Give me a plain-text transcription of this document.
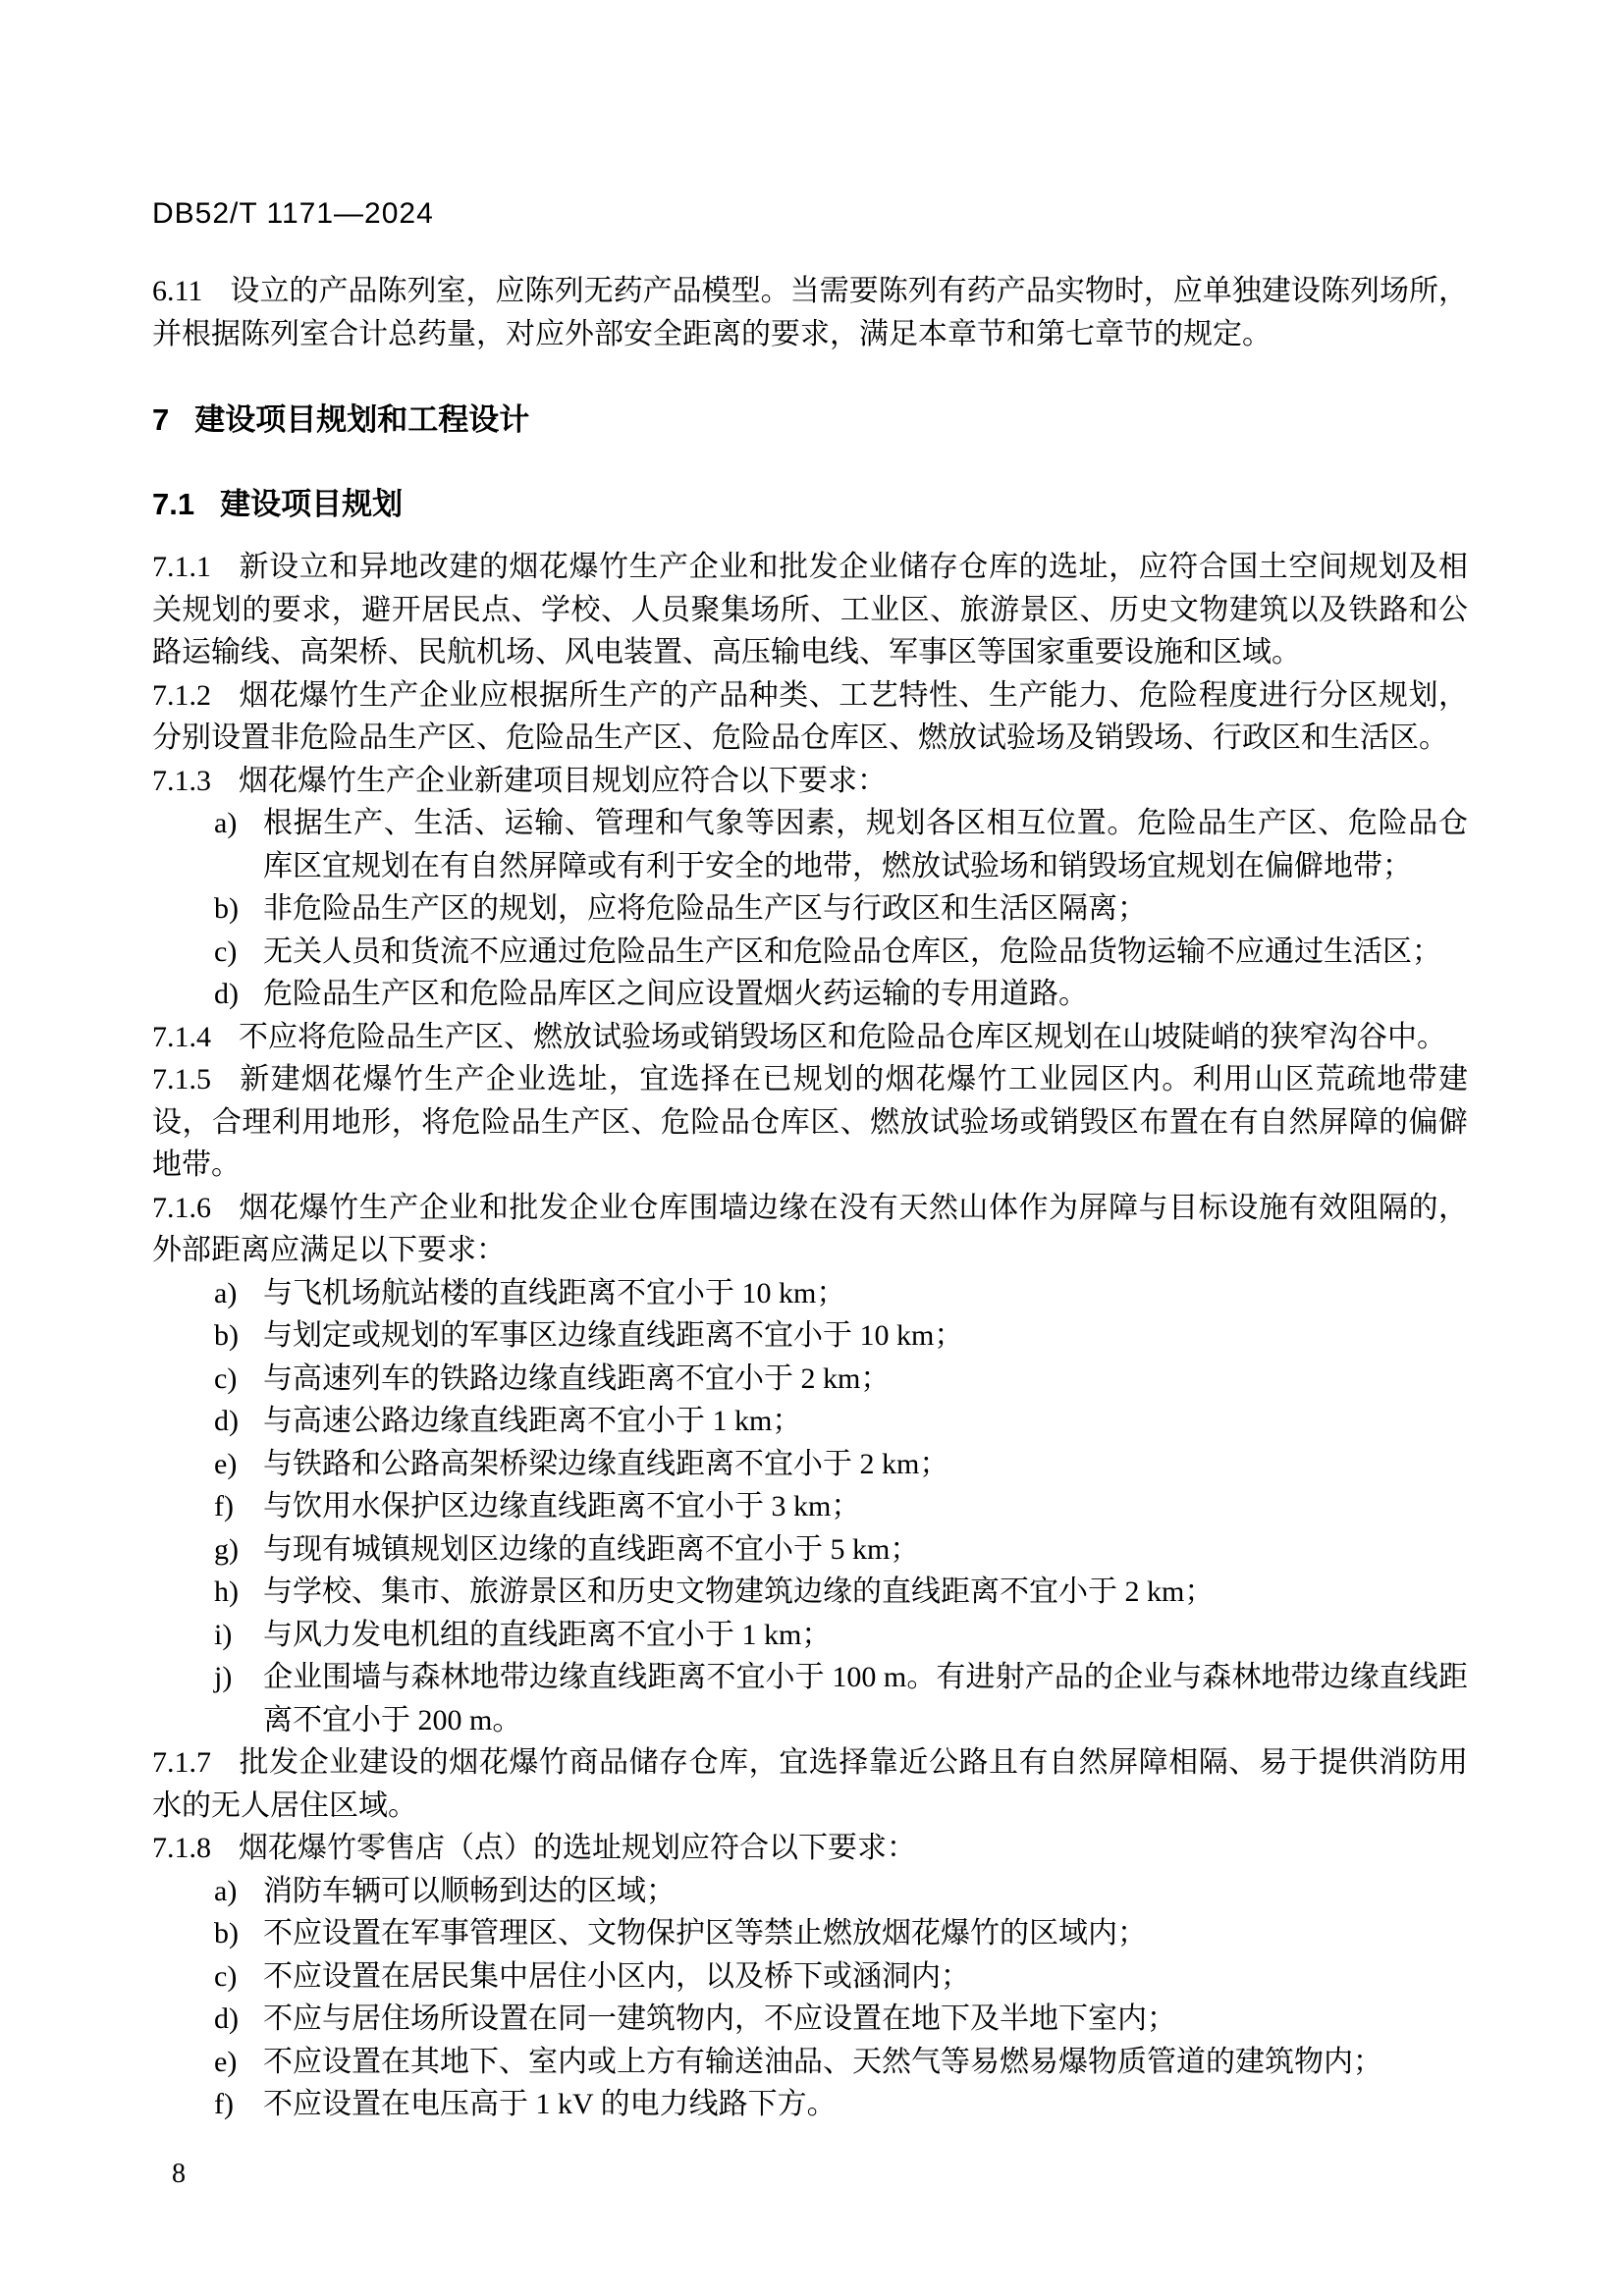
DB52/T 1171—2024

6.11 设立的产品陈列室，应陈列无药产品模型。当需要陈列有药产品实物时，应单独建设陈列场所，并根据陈列室合计总药量，对应外部安全距离的要求，满足本章节和第七章节的规定。

7 建设项目规划和工程设计
7.1 建设项目规划

7.1.1 新设立和异地改建的烟花爆竹生产企业和批发企业储存仓库的选址，应符合国土空间规划及相关规划的要求，避开居民点、学校、人员聚集场所、工业区、旅游景区、历史文物建筑以及铁路和公路运输线、高架桥、民航机场、风电装置、高压输电线、军事区等国家重要设施和区域。

7.1.2 烟花爆竹生产企业应根据所生产的产品种类、工艺特性、生产能力、危险程度进行分区规划，分别设置非危险品生产区、危险品生产区、危险品仓库区、燃放试验场及销毁场、行政区和生活区。

7.1.3 烟花爆竹生产企业新建项目规划应符合以下要求：

a) 根据生产、生活、运输、管理和气象等因素，规划各区相互位置。危险品生产区、危险品仓库区宜规划在有自然屏障或有利于安全的地带，燃放试验场和销毁场宜规划在偏僻地带；
b) 非危险品生产区的规划，应将危险品生产区与行政区和生活区隔离；
c) 无关人员和货流不应通过危险品生产区和危险品仓库区，危险品货物运输不应通过生活区；
d) 危险品生产区和危险品库区之间应设置烟火药运输的专用道路。

7.1.4 不应将危险品生产区、燃放试验场或销毁场区和危险品仓库区规划在山坡陡峭的狭窄沟谷中。

7.1.5 新建烟花爆竹生产企业选址，宜选择在已规划的烟花爆竹工业园区内。利用山区荒疏地带建设，合理利用地形，将危险品生产区、危险品仓库区、燃放试验场或销毁区布置在有自然屏障的偏僻地带。

7.1.6 烟花爆竹生产企业和批发企业仓库围墙边缘在没有天然山体作为屏障与目标设施有效阻隔的，外部距离应满足以下要求：

a) 与飞机场航站楼的直线距离不宜小于 10 km；
b) 与划定或规划的军事区边缘直线距离不宜小于 10 km；
c) 与高速列车的铁路边缘直线距离不宜小于 2 km；
d) 与高速公路边缘直线距离不宜小于 1 km；
e) 与铁路和公路高架桥梁边缘直线距离不宜小于 2 km；
f) 与饮用水保护区边缘直线距离不宜小于 3 km；
g) 与现有城镇规划区边缘的直线距离不宜小于 5 km；
h) 与学校、集市、旅游景区和历史文物建筑边缘的直线距离不宜小于 2 km；
i) 与风力发电机组的直线距离不宜小于 1 km；
j) 企业围墙与森林地带边缘直线距离不宜小于 100 m。有进射产品的企业与森林地带边缘直线距离不宜小于 200 m。

7.1.7 批发企业建设的烟花爆竹商品储存仓库，宜选择靠近公路且有自然屏障相隔、易于提供消防用水的无人居住区域。

7.1.8 烟花爆竹零售店（点）的选址规划应符合以下要求：

a) 消防车辆可以顺畅到达的区域；
b) 不应设置在军事管理区、文物保护区等禁止燃放烟花爆竹的区域内；
c) 不应设置在居民集中居住小区内，以及桥下或涵洞内；
d) 不应与居住场所设置在同一建筑物内，不应设置在地下及半地下室内；
e) 不应设置在其地下、室内或上方有输送油品、天然气等易燃易爆物质管道的建筑物内；
f) 不应设置在电压高于 1 kV 的电力线路下方。
8
